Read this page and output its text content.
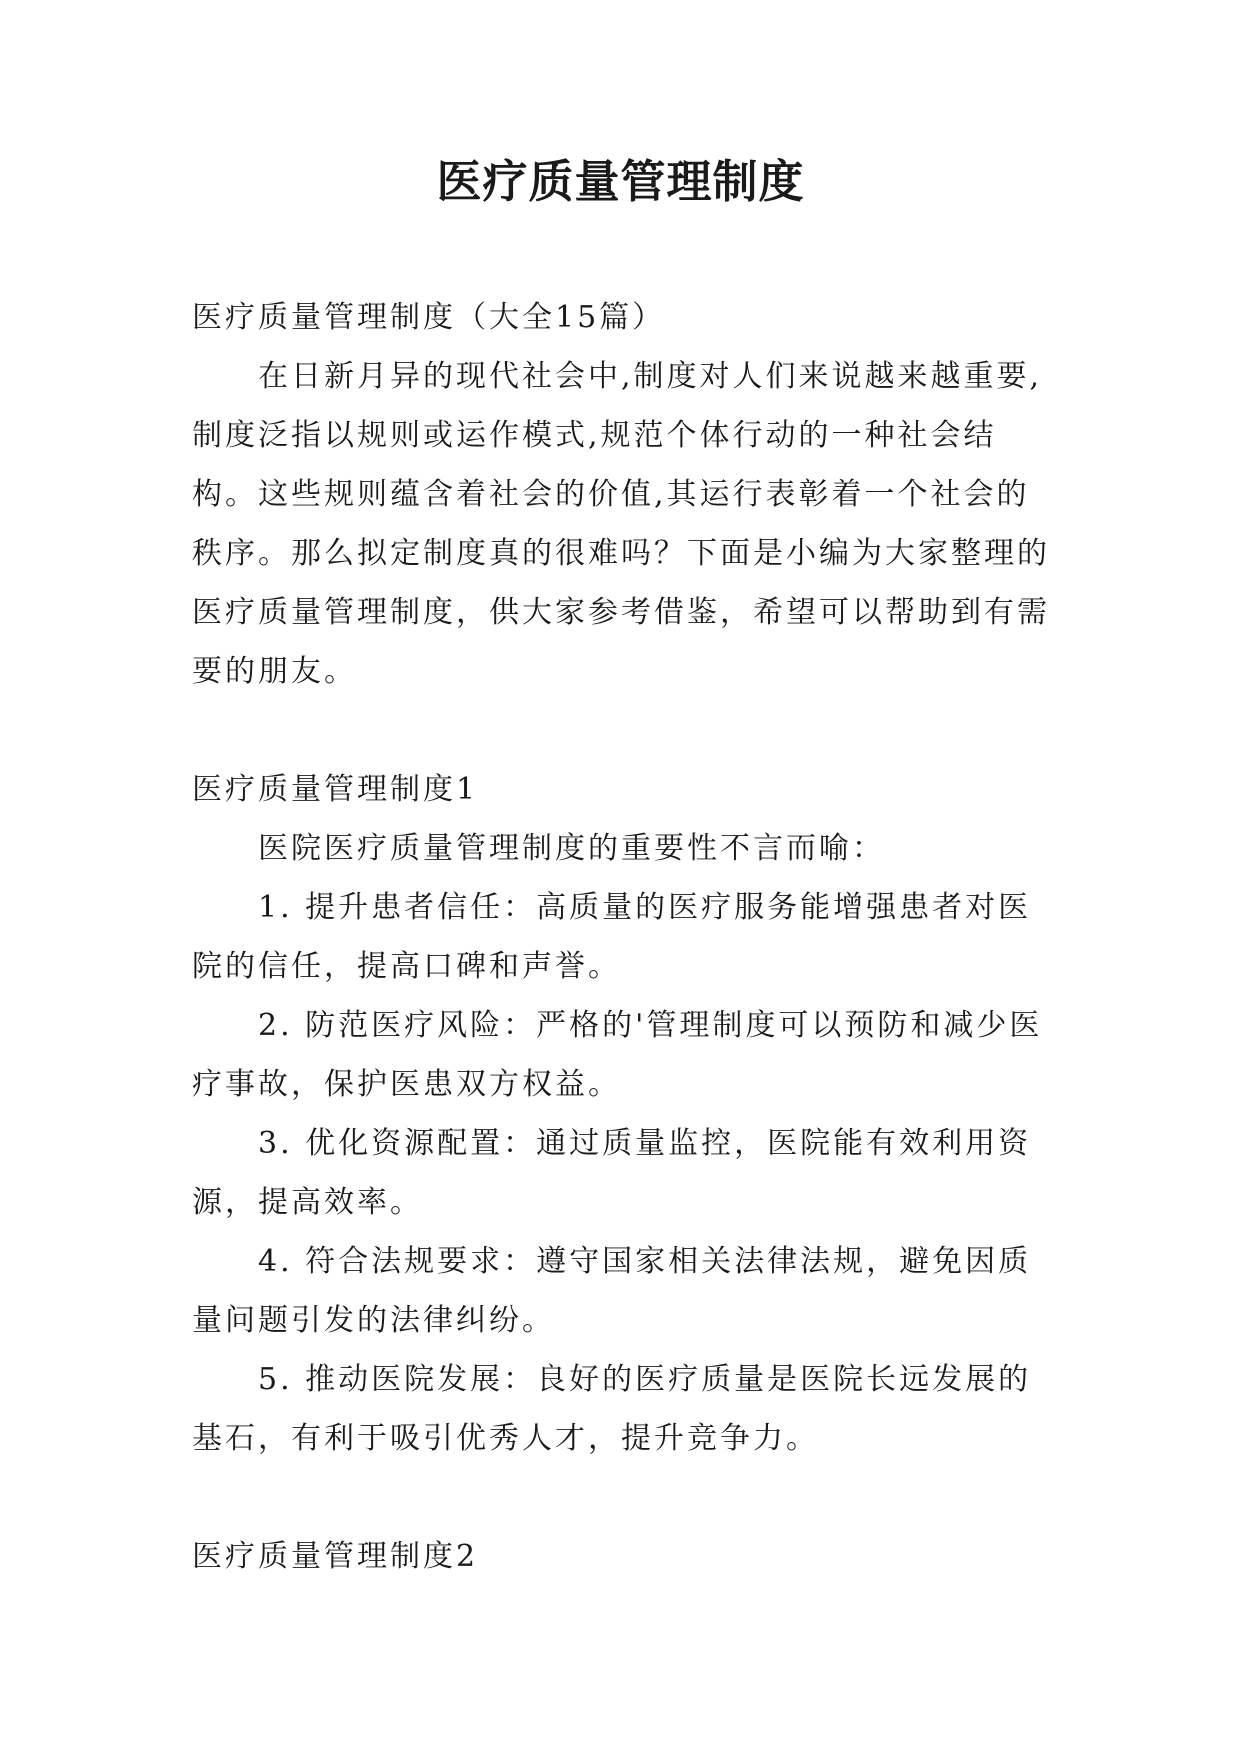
医疗质量管理制度

医疗质量管理制度（大全15篇）

在日新月异的现代社会中,制度对人们来说越来越重要,制度泛指以规则或运作模式,规范个体行动的一种社会结构。这些规则蕴含着社会的价值,其运行表彰着一个社会的秩序。那么拟定制度真的很难吗？下面是小编为大家整理的医疗质量管理制度，供大家参考借鉴，希望可以帮助到有需要的朋友。

医疗质量管理制度1

医院医疗质量管理制度的重要性不言而喻：

1. 提升患者信任：高质量的医疗服务能增强患者对医院的信任，提高口碑和声誉。

2. 防范医疗风险：严格的'管理制度可以预防和减少医疗事故，保护医患双方权益。

3. 优化资源配置：通过质量监控，医院能有效利用资源，提高效率。

4. 符合法规要求：遵守国家相关法律法规，避免因质量问题引发的法律纠纷。

5. 推动医院发展：良好的医疗质量是医院长远发展的基石，有利于吸引优秀人才，提升竞争力。

医疗质量管理制度2
